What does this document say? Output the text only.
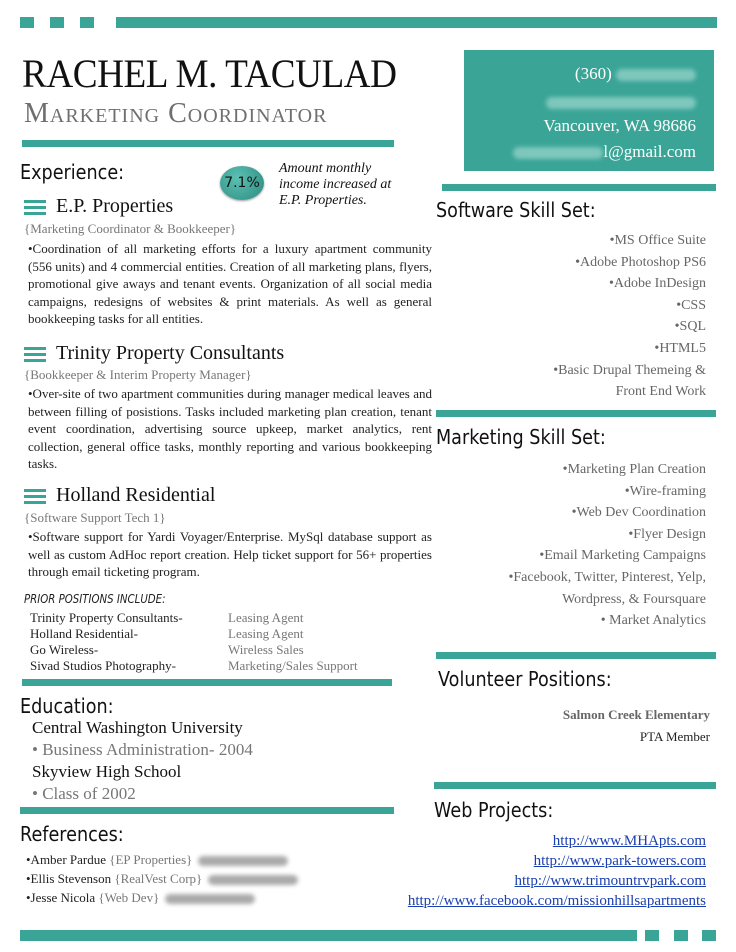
RACHEL M. TACULAD
Marketing Coordinator
(360)
Vancouver, WA 98686
l@gmail.com
Experience:	7.1%
Amount monthly
income increased at
E.P. Properties.
E.P. Properties
{Marketing Coordinator & Bookkeeper}
•Coordination of all marketing efforts for a luxury apartment community (556 units) and 4 commercial entities. Creation of all marketing plans, flyers, promotional give aways and tenant events. Organization of all social media campaigns, redesigns of websites & print materials. As well as general bookkeeping tasks for all entities.
Trinity Property Consultants
{Bookkeeper & Interim Property Manager}
•Over-site of two apartment communities during manager medical leaves and between filling of posistions. Tasks included marketing plan creation, tenant event coordination, advertising source upkeep, market analytics, rent collection, general office tasks, monthly reporting and various bookkeeping tasks.
Holland Residential
{Software Support Tech 1}
•Software support for Yardi Voyager/Enterprise. MySql database support as well as custom AdHoc report creation. Help ticket support for 56+ properties through email ticketing program.
PRIOR POSITIONS INCLUDE:
Trinity Property Consultants-	Leasing Agent
Holland Residential-	Leasing Agent
Go Wireless-	Wireless Sales
Sivad Studios Photography-	Marketing/Sales Support
Education:
Central Washington University
• Business Administration- 2004
Skyview High School
• Class of 2002
References:
•Amber Pardue {EP Properties}
•Ellis Stevenson {RealVest Corp}
•Jesse Nicola {Web Dev}
Software Skill Set:
•MS Office Suite
•Adobe Photoshop PS6
•Adobe InDesign
•CSS
•SQL
•HTML5
•Basic Drupal Themeing &
Front End Work
Marketing Skill Set:
•Marketing Plan Creation
•Wire-framing
•Web Dev Coordination
•Flyer Design
•Email Marketing Campaigns
•Facebook, Twitter, Pinterest, Yelp,
Wordpress, & Foursquare
• Market Analytics
Volunteer Positions:
Salmon Creek Elementary
PTA Member
Web Projects:
http://www.MHApts.com
http://www.park-towers.com
http://www.trimountrvpark.com
http://www.facebook.com/missionhillsapartments
